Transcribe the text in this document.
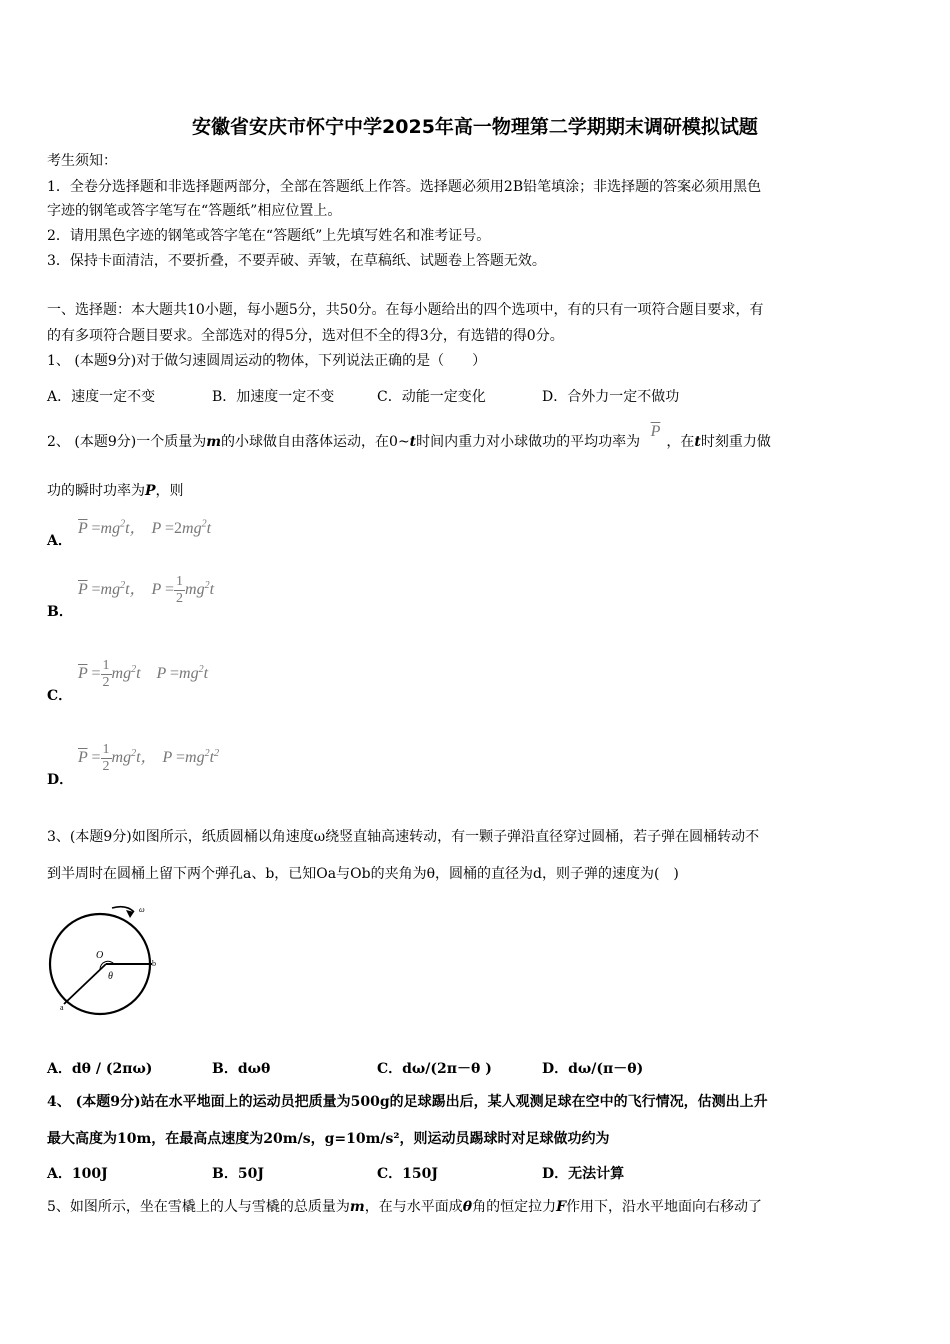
安徽省安庆市怀宁中学2025年高一物理第二学期期末调研模拟试题
考生须知：
1．全卷分选择题和非选择题两部分，全部在答题纸上作答。选择题必须用2B铅笔填涂；非选择题的答案必须用黑色
字迹的钢笔或答字笔写在“答题纸”相应位置上。
2．请用黑色字迹的钢笔或答字笔在“答题纸”上先填写姓名和准考证号。
3．保持卡面清洁，不要折叠，不要弄破、弄皱，在草稿纸、试题卷上答题无效。
一、选择题：本大题共10小题，每小题5分，共50分。在每小题给出的四个选项中，有的只有一项符合题目要求，有
的有多项符合题目要求。全部选对的得5分，选对但不全的得3分，有选错的得0分。
1、 (本题9分)对于做匀速圆周运动的物体，下列说法正确的是（　　）
A．速度一定不变	B．加速度一定不变	C．动能一定变化	D．合外力一定不做功
2、 (本题9分)一个质量为m的小球做自由落体运动，在0~t时间内重力对小球做功的平均功率为 $\overline{P}$，在t时刻重力做
功的瞬时功率为P，则
A．
$\overline{P} =mg^2t$， $P =2mg^2t$
B．
$\overline{P} =mg^2t$， $P = \frac{1}{2} mg^2t$
C．
$\overline{P} = \frac{1}{2} mg^2t$ $P =mg^2t$
D．
$\overline{P} = \frac{1}{2} mg^2t$， $P =mg^2t^2$
3、(本题9分)如图所示，纸质圆桶以角速度ω绕竖直轴高速转动，有一颗子弹沿直径穿过圆桶，若子弹在圆桶转动不
到半周时在圆桶上留下两个弹孔a、b，已知Oa与Ob的夹角为θ，圆桶的直径为d，则子弹的速度为(　)
ω
O
θ
b
a
A．dθ / (2πω)	B．dωθ	C．dω/(2π－θ )	D．dω/(π－θ)
4、 (本题9分)站在水平地面上的运动员把质量为500g的足球踢出后，某人观测足球在空中的飞行情况，估测出上升
最大高度为10m，在最高点速度为20m/s，g=10m/s²，则运动员踢球时对足球做功约为
A．100J	B．50J	C．150J	D．无法计算
5、如图所示，坐在雪橇上的人与雪橇的总质量为m，在与水平面成θ角的恒定拉力F作用下，沿水平地面向右移动了
